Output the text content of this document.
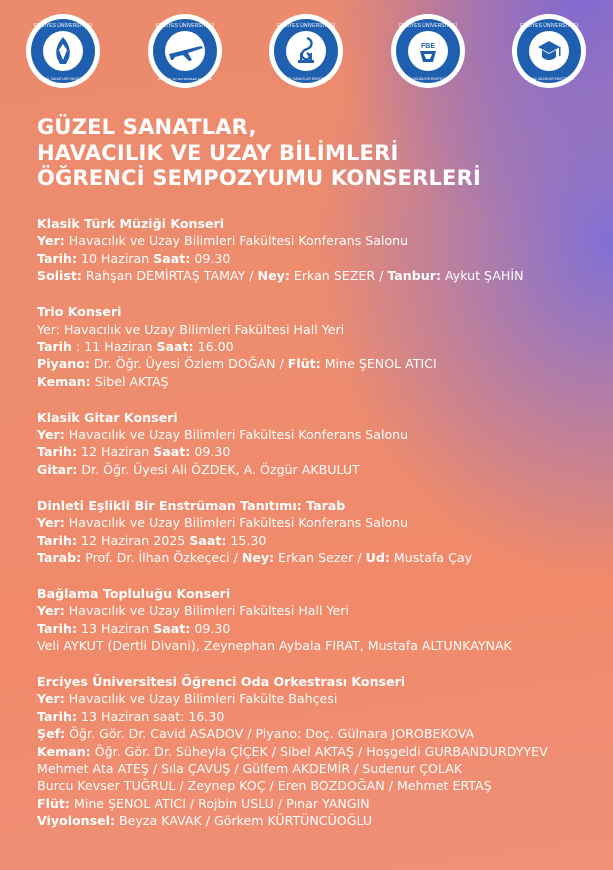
ERCİYES ÜNİVERSİTESİ
GÜZEL SANATLAR FAKÜLTESİ
ERCİYES ÜNİVERSİTESİ
HAVACILIK VE UZAY BİLİMLERİ FAKÜLTESİ
ERCİYES ÜNİVERSİTESİ
GÜZEL SANATLAR ENSTİTÜSÜ
FBE
ERCİYES ÜNİVERSİTESİ
FEN BİLİMLERİ ENSTİTÜSÜ
ERCİYES ÜNİVERSİTESİ
SOSYAL BİLİMLER ENSTİTÜSÜ
GÜZEL SANATLAR,
HAVACILIK VE UZAY BİLİMLERİ
ÖĞRENCİ SEMPOZYUMU KONSERLERİ
Klasik Türk Müziği Konseri
Yer: Havacılık ve Uzay Bilimleri Fakültesi Konferans Salonu
Tarih: 10 Haziran Saat: 09.30
Solist: Rahşan DEMİRTAŞ TAMAY / Ney: Erkan SEZER / Tanbur: Aykut ŞAHİN
Trio Konseri
Yer: Havacılık ve Uzay Bilimleri Fakültesi Hall Yeri
Tarih : 11 Haziran Saat: 16.00
Piyano: Dr. Öğr. Üyesi Özlem DOĞAN / Flüt: Mine ŞENOL ATICI
Keman: Sibel AKTAŞ
Klasik Gitar Konseri
Yer: Havacılık ve Uzay Bilimleri Fakültesi Konferans Salonu
Tarih: 12 Haziran Saat: 09.30
Gitar: Dr. Öğr. Üyesi Ali ÖZDEK, A. Özgür AKBULUT
Dinleti Eşlikli Bir Enstrüman Tanıtımı: Tarab
Yer: Havacılık ve Uzay Bilimleri Fakültesi Konferans Salonu
Tarih: 12 Haziran 2025 Saat: 15.30
Tarab: Prof. Dr. İlhan Özkeçeci / Ney: Erkan Sezer / Ud: Mustafa Çay
Bağlama Topluluğu Konseri
Yer: Havacılık ve Uzay Bilimleri Fakültesi Hall Yeri
Tarih: 13 Haziran Saat: 09.30
Veli AYKUT (Dertli Divani), Zeynephan Aybala FIRAT, Mustafa ALTUNKAYNAK
Erciyes Üniversitesi Öğrenci Oda Orkestrası Konseri
Yer: Havacılık ve Uzay Bilimleri Fakülte Bahçesi
Tarih: 13 Haziran saat: 16.30
Şef: Öğr. Gör. Dr. Cavid ASADOV / Piyano: Doç. Gülnara JOROBEKOVA
Keman: Öğr. Gör. Dr. Süheyla ÇİÇEK / Sibel AKTAŞ / Hoşgeldi GURBANDURDYYEV
Mehmet Ata ATEŞ / Sıla ÇAVUŞ / Gülfem AKDEMİR / Sudenur ÇOLAK
Burcu Kevser TUĞRUL / Zeynep KOÇ / Eren BOZDOĞAN / Mehmet ERTAŞ
Flüt: Mine ŞENOL ATICI / Rojbin USLU / Pınar YANGIN
Viyolonsel: Beyza KAVAK / Görkem KÜRTÜNCÜOĞLU
